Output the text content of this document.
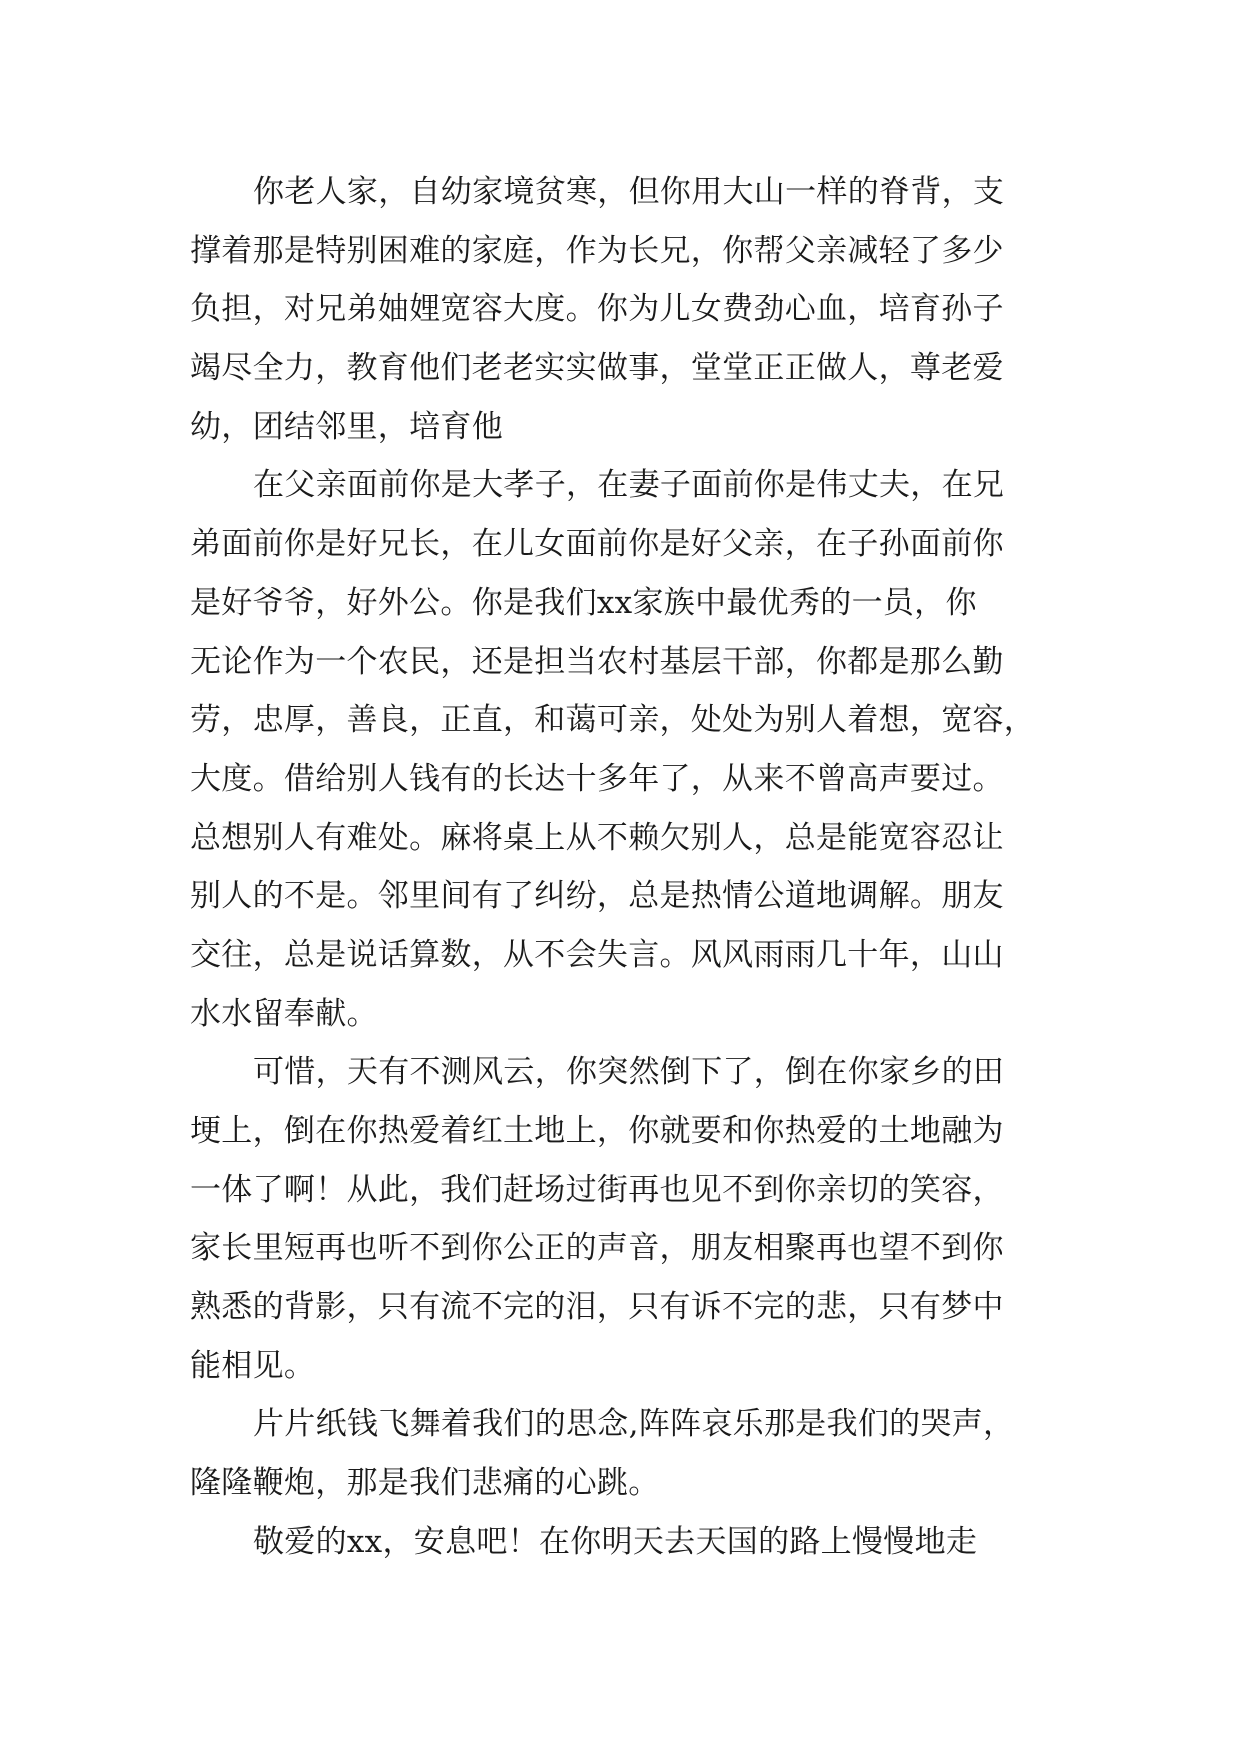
你老人家，自幼家境贫寒，但你用大山一样的脊背，支
撑着那是特别困难的家庭，作为长兄，你帮父亲减轻了多少
负担，对兄弟妯娌宽容大度。你为儿女费劲心血，培育孙子
竭尽全力，教育他们老老实实做事，堂堂正正做人，尊老爱
幼，团结邻里，培育他
在父亲面前你是大孝子，在妻子面前你是伟丈夫，在兄
弟面前你是好兄长，在儿女面前你是好父亲，在子孙面前你
是好爷爷，好外公。你是我们xx家族中最优秀的一员，你
无论作为一个农民，还是担当农村基层干部，你都是那么勤
劳，忠厚，善良，正直，和蔼可亲，处处为别人着想，宽容，
大度。借给别人钱有的长达十多年了，从来不曾高声要过。
总想别人有难处。麻将桌上从不赖欠别人，总是能宽容忍让
别人的不是。邻里间有了纠纷，总是热情公道地调解。朋友
交往，总是说话算数，从不会失言。风风雨雨几十年，山山
水水留奉献。
可惜，天有不测风云，你突然倒下了，倒在你家乡的田
埂上，倒在你热爱着红土地上，你就要和你热爱的土地融为
一体了啊！从此，我们赶场过街再也见不到你亲切的笑容，
家长里短再也听不到你公正的声音，朋友相聚再也望不到你
熟悉的背影，只有流不完的泪，只有诉不完的悲，只有梦中
能相见。
片片纸钱飞舞着我们的思念,阵阵哀乐那是我们的哭声，
隆隆鞭炮，那是我们悲痛的心跳。
敬爱的xx，安息吧！在你明天去天国的路上慢慢地走
